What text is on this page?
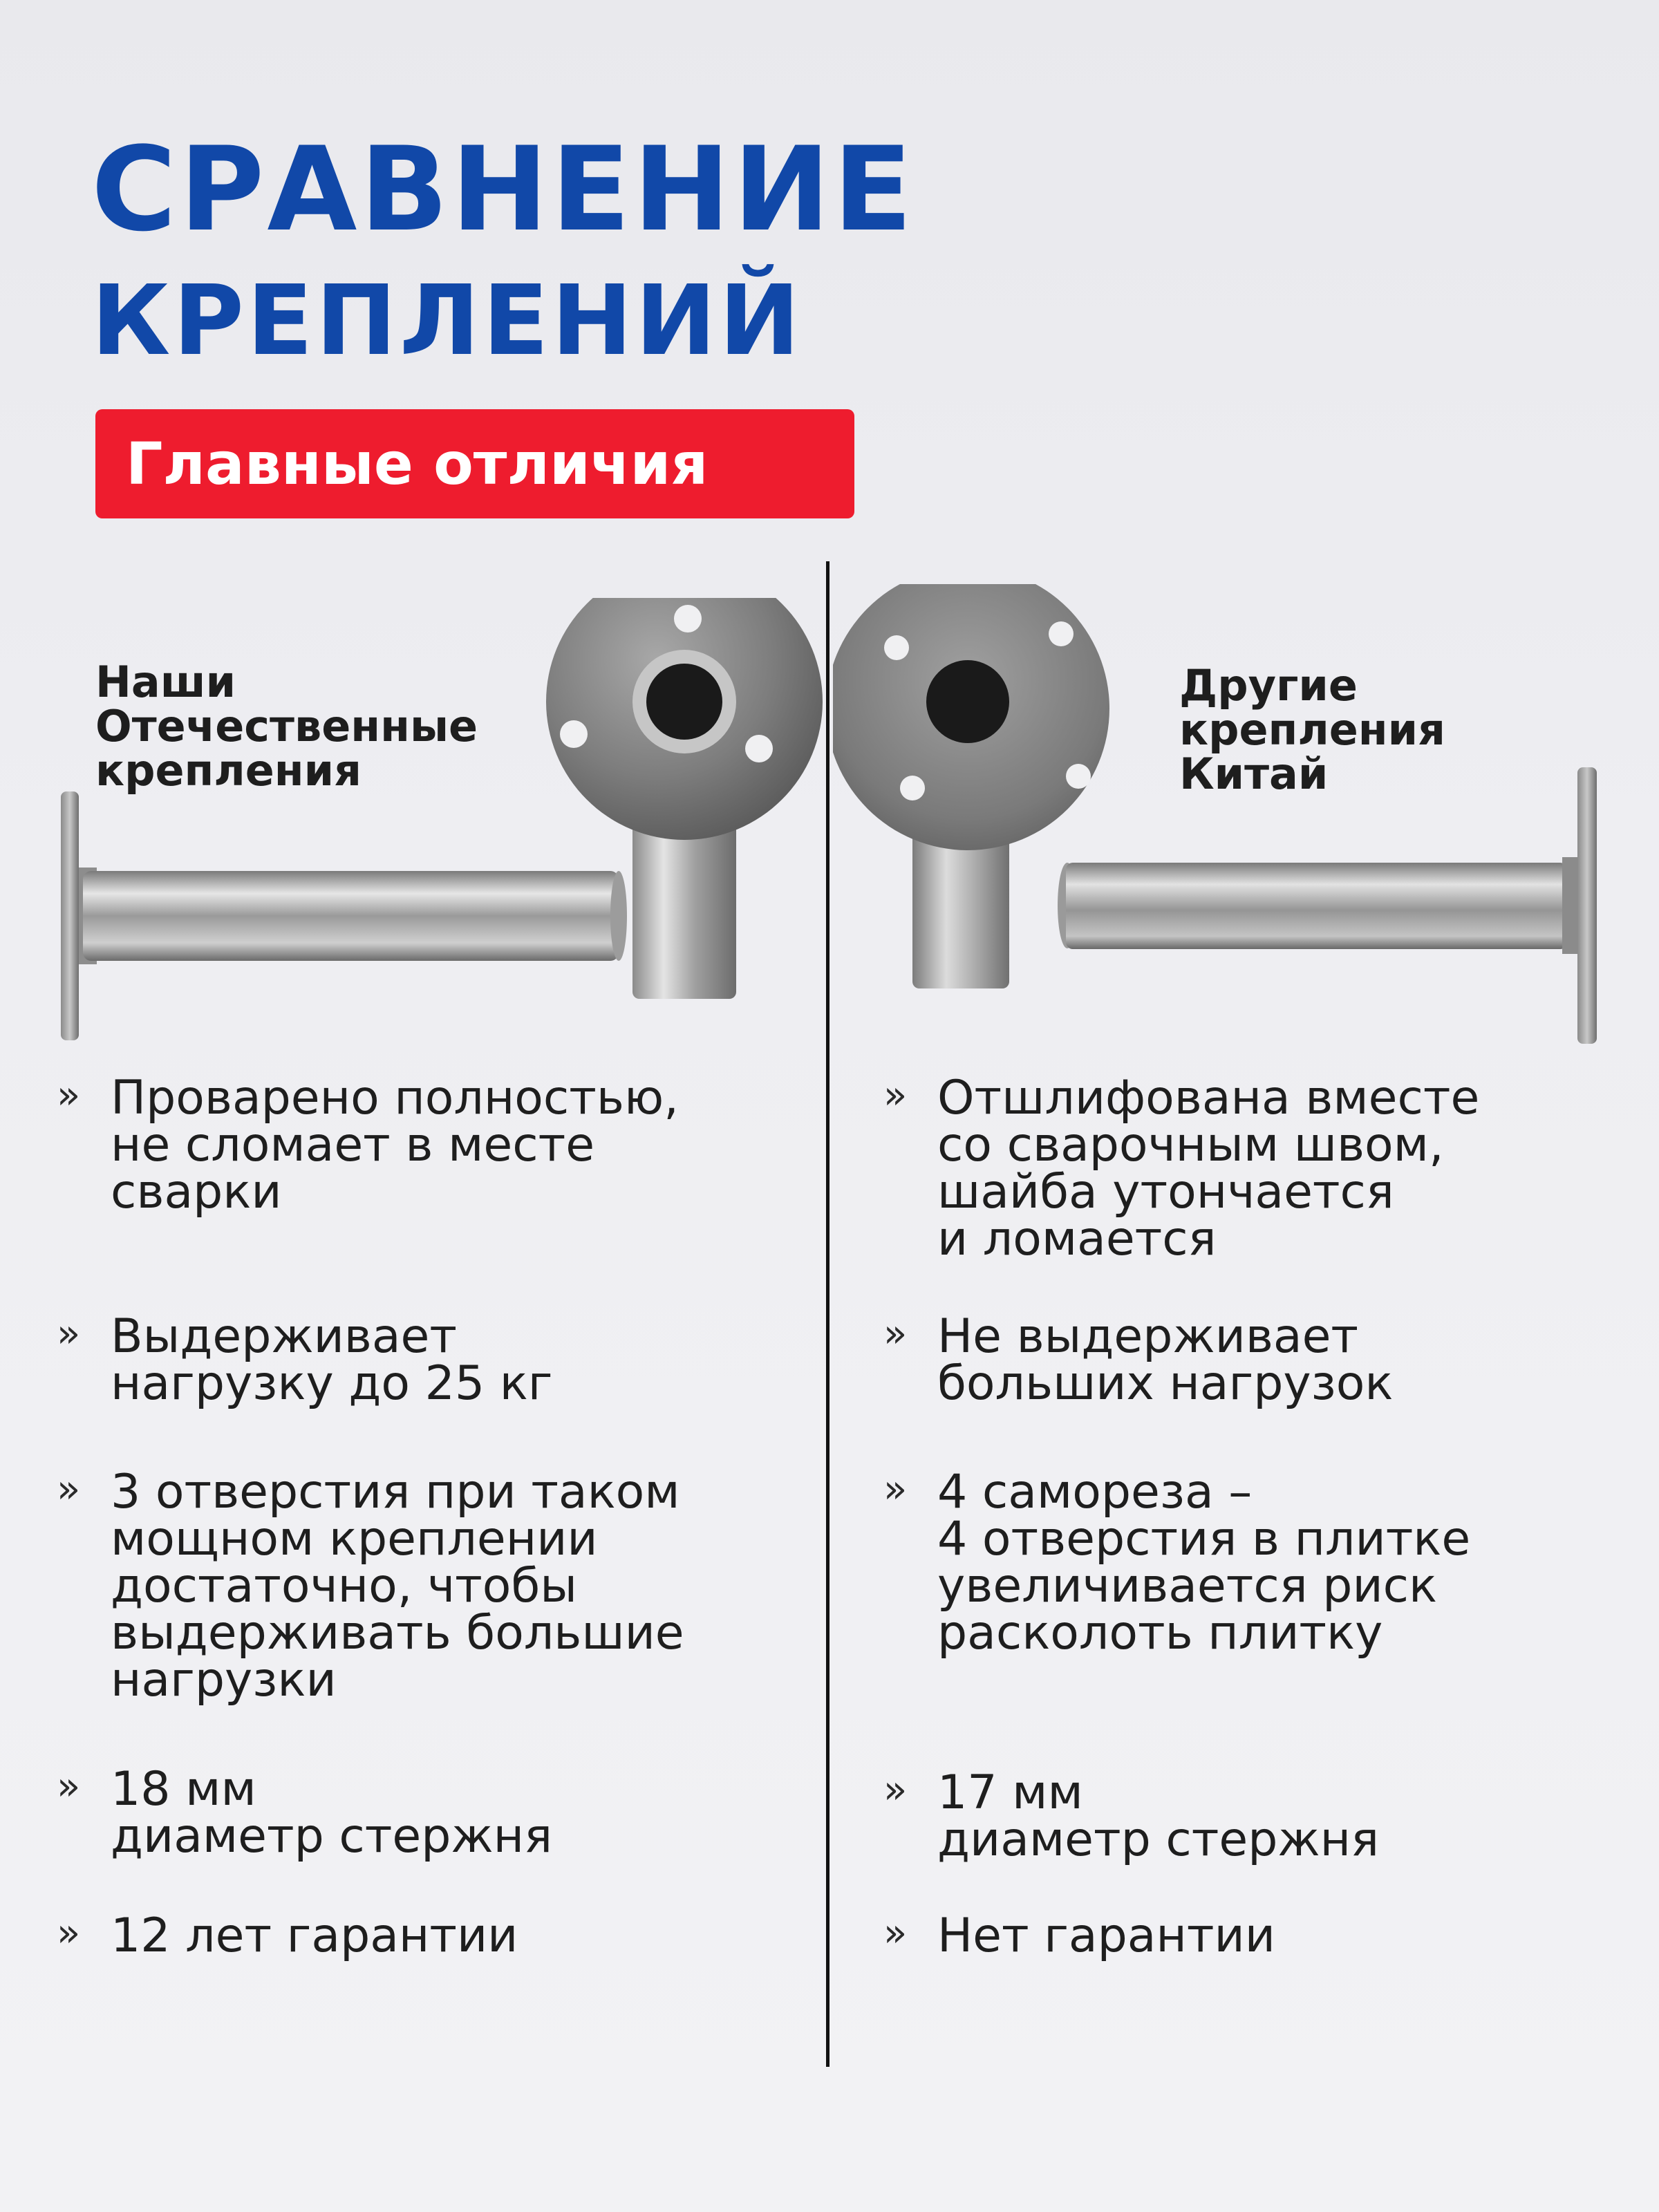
СРАВНЕНИЕ
КРЕПЛЕНИЙ
Главные отличия
Наши
Отечественные
крепления
Другие
крепления
Китай
» Проварено полностью,
не сломает в месте
сварки
» Выдерживает
нагрузку до 25 кг
» 3 отверстия при таком
мощном креплении
достаточно, чтобы
выдерживать большие
нагрузки
» 18 мм
диаметр стержня
» 12 лет гарантии
» Отшлифована вместе
со сварочным швом,
шайба утончается
и ломается
» Не выдерживает
больших нагрузок
» 4 самореза –
4 отверстия в плитке
увеличивается риск
расколоть плитку
» 17 мм
диаметр стержня
» Нет гарантии
